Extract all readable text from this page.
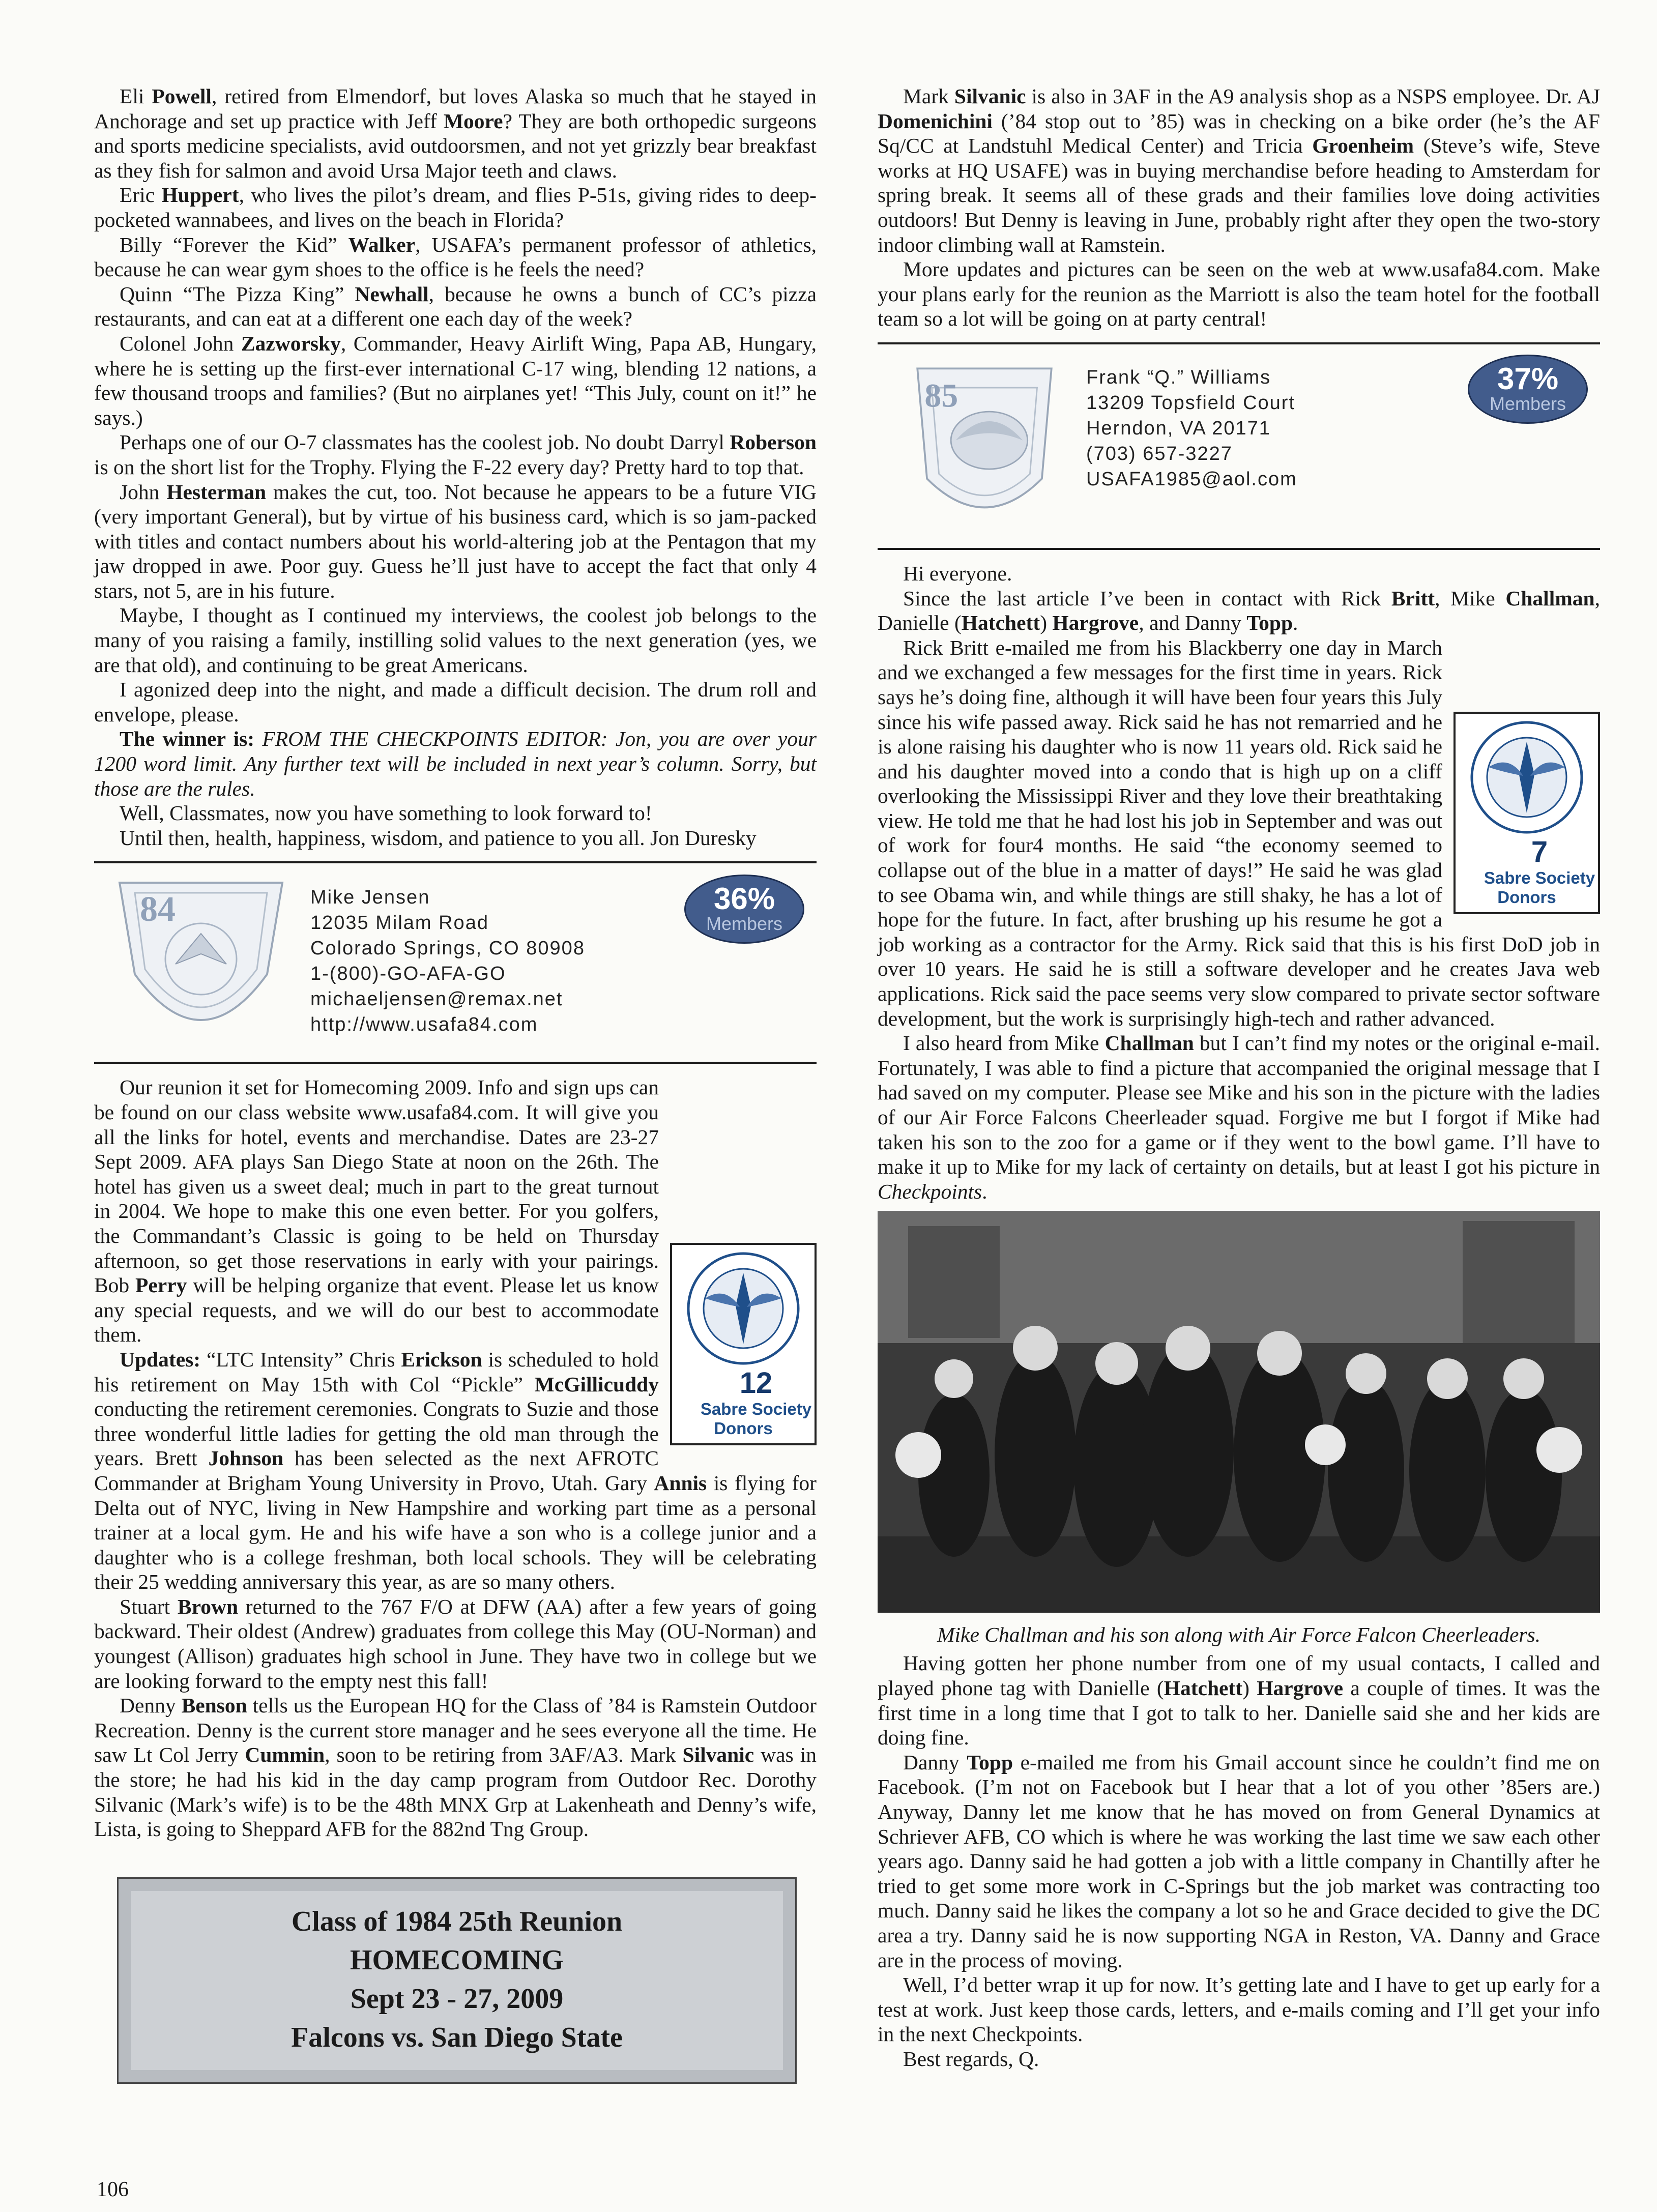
Eli Powell, retired from Elmendorf, but loves Alaska so much that he stayed in Anchorage and set up practice with Jeff Moore? They are both orthopedic surgeons and sports medicine specialists, avid outdoorsmen, and not yet grizzly bear breakfast as they fish for salmon and avoid Ursa Major teeth and claws.

Eric Huppert, who lives the pilot’s dream, and flies P-51s, giving rides to deep-pocketed wannabees, and lives on the beach in Florida?

Billy “Forever the Kid” Walker, USAFA’s permanent professor of athletics, because he can wear gym shoes to the office is he feels the need?

Quinn “The Pizza King” Newhall, because he owns a bunch of CC’s pizza restaurants, and can eat at a different one each day of the week?

Colonel John Zazworsky, Commander, Heavy Airlift Wing, Papa AB, Hungary, where he is setting up the first-ever international C-17 wing, blending 12 nations, a few thousand troops and families? (But no airplanes yet! “This July, count on it!” he says.)

Perhaps one of our O-7 classmates has the coolest job. No doubt Darryl Roberson is on the short list for the Trophy. Flying the F-22 every day? Pretty hard to top that.

John Hesterman makes the cut, too. Not because he appears to be a future VIG (very important General), but by virtue of his business card, which is so jam-packed with titles and contact numbers about his world-altering job at the Pentagon that my jaw dropped in awe. Poor guy. Guess he’ll just have to accept the fact that only 4 stars, not 5, are in his future.

Maybe, I thought as I continued my interviews, the coolest job belongs to the many of you raising a family, instilling solid values to the next generation (yes, we are that old), and continuing to be great Americans.

I agonized deep into the night, and made a difficult decision. The drum roll and envelope, please.

The winner is: FROM THE CHECKPOINTS EDITOR: Jon, you are over your 1200 word limit. Any further text will be included in next year’s column. Sorry, but those are the rules.

Well, Classmates, now you have something to look forward to!

Until then, health, happiness, wisdom, and patience to you all. Jon Duresky

84	Mike Jensen
12035 Milam Road
Colorado Springs, CO 80908
1-(800)-GO-AFA-GO
michaeljensen@remax.net
http://www.usafa84.com
36%
Members

12
Sabre Society
Donors
Our reunion it set for Homecoming 2009. Info and sign ups can be found on our class website www.usafa84.com. It will give you all the links for hotel, events and merchandise. Dates are 23-27 Sept 2009. AFA plays San Diego State at noon on the 26th. The hotel has given us a sweet deal; much in part to the great turnout in 2004. We hope to make this one even better. For you golfers, the Commandant’s Classic is going to be held on Thursday afternoon, so get those reservations in early with your pairings. Bob Perry will be helping organize that event. Please let us know any special requests, and we will do our best to accommodate them.

Updates: “LTC Intensity” Chris Erickson is scheduled to hold his retirement on May 15th with Col “Pickle” McGillicuddy conducting the retirement ceremonies. Congrats to Suzie and those three wonderful little ladies for getting the old man through the years. Brett Johnson has been selected as the next AFROTC Commander at Brigham Young University in Provo, Utah. Gary Annis is flying for Delta out of NYC, living in New Hampshire and working part time as a personal trainer at a local gym. He and his wife have a son who is a college junior and a daughter who is a college freshman, both local schools. They will be celebrating their 25 wedding anniversary this year, as are so many others.

Stuart Brown returned to the 767 F/O at DFW (AA) after a few years of going backward. Their oldest (Andrew) graduates from college this May (OU-Norman) and youngest (Allison) graduates high school in June. They have two in college but we are looking forward to the empty nest this fall!

Denny Benson tells us the European HQ for the Class of ’84 is Ramstein Outdoor Recreation. Denny is the current store manager and he sees everyone all the time. He saw Lt Col Jerry Cummin, soon to be retiring from 3AF/A3. Mark Silvanic was in the store; he had his kid in the day camp program from Outdoor Rec. Dorothy Silvanic (Mark’s wife) is to be the 48th MNX Grp at Lakenheath and Denny’s wife, Lista, is going to Sheppard AFB for the 882nd Tng Group.

Class of 1984 25th Reunion
HOMECOMING
Sept 23 - 27, 2009
Falcons vs. San Diego State

Mark Silvanic is also in 3AF in the A9 analysis shop as a NSPS employee. Dr. AJ Domenichini (’84 stop out to ’85) was in checking on a bike order (he’s the AF Sq/CC at Landstuhl Medical Center) and Tricia Groenheim (Steve’s wife, Steve works at HQ USAFE) was in buying merchandise before heading to Amsterdam for spring break. It seems all of these grads and their families love doing activities outdoors! But Denny is leaving in June, probably right after they open the two-story indoor climbing wall at Ramstein.

More updates and pictures can be seen on the web at www.usafa84.com. Make your plans early for the reunion as the Marriott is also the team hotel for the football team so a lot will be going on at party central!

85	Frank “Q.” Williams
13209 Topsfield Court
Herndon, VA 20171
(703) 657-3227
USAFA1985@aol.com
37%
Members

Hi everyone.

Since the last article I’ve been in contact with Rick Britt, Mike Challman, Danielle (Hatchett) Hargrove, and Danny Topp.

7
Sabre Society
Donors
Rick Britt e-mailed me from his Blackberry one day in March and we exchanged a few messages for the first time in years. Rick says he’s doing fine, although it will have been four years this July since his wife passed away. Rick said he has not remarried and he is alone raising his daughter who is now 11 years old. Rick said he and his daughter moved into a condo that is high up on a cliff overlooking the Mississippi River and they love their breathtaking view. He told me that he had lost his job in September and was out of work for four4 months. He said “the economy seemed to collapse out of the blue in a matter of days!” He said he was glad to see Obama win, and while things are still shaky, he has a lot of hope for the future. In fact, after brushing up his resume he got a job working as a contractor for the Army. Rick said that this is his first DoD job in over 10 years. He said he is still a software developer and he creates Java web applications. Rick said the pace seems very slow compared to private sector software development, but the work is surprisingly high-tech and rather advanced.

I also heard from Mike Challman but I can’t find my notes or the original e-mail. Fortunately, I was able to find a picture that accompanied the original message that I had saved on my computer. Please see Mike and his son in the picture with the ladies of our Air Force Falcons Cheerleader squad. Forgive me but I forgot if Mike had taken his son to the zoo for a game or if they went to the bowl game. I’ll have to make it up to Mike for my lack of certainty on details, but at least I got his picture in Checkpoints.

Mike Challman and his son along with Air Force Falcon Cheerleaders.

Having gotten her phone number from one of my usual contacts, I called and played phone tag with Danielle (Hatchett) Hargrove a couple of times. It was the first time in a long time that I got to talk to her. Danielle said she and her kids are doing fine.

Danny Topp e-mailed me from his Gmail account since he couldn’t find me on Facebook. (I’m not on Facebook but I hear that a lot of you other ’85ers are.) Anyway, Danny let me know that he has moved on from General Dynamics at Schriever AFB, CO which is where he was working the last time we saw each other years ago. Danny said he had gotten a job with a little company in Chantilly after he tried to get some more work in C-Springs but the job market was contracting too much. Danny said he likes the company a lot so he and Grace decided to give the DC area a try. Danny said he is now supporting NGA in Reston, VA. Danny and Grace are in the process of moving.

Well, I’d better wrap it up for now. It’s getting late and I have to get up early for a test at work. Just keep those cards, letters, and e-mails coming and I’ll get your info in the next Checkpoints.

Best regards, Q.

106
